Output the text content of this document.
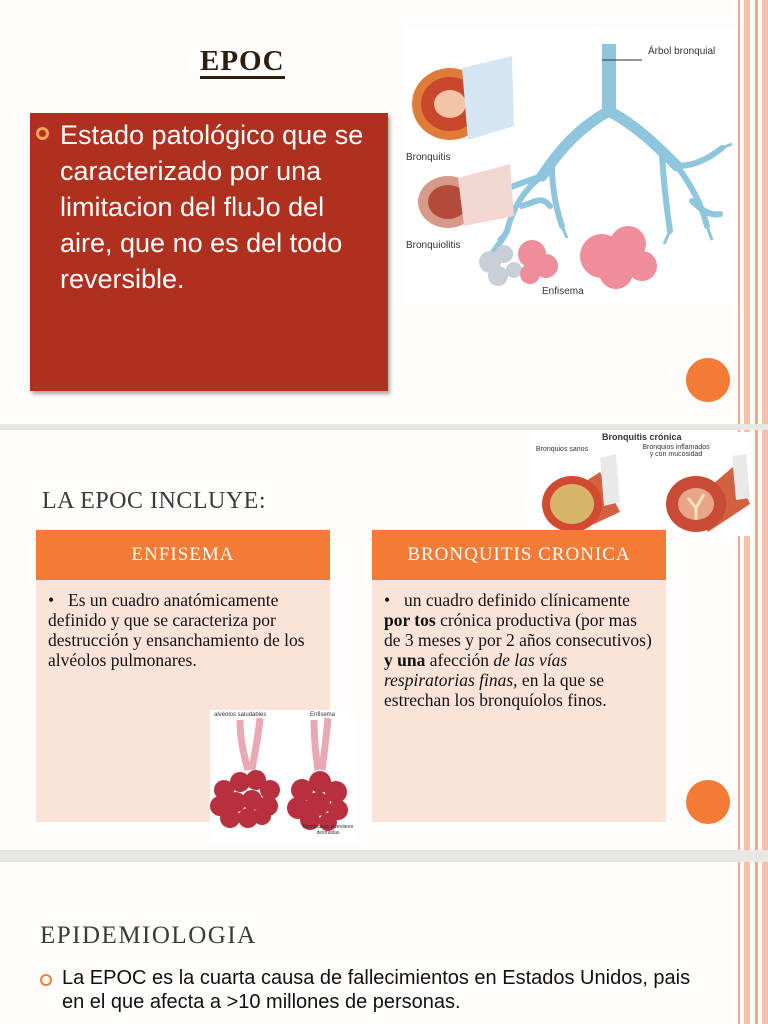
EPOC
Estado patológico que se caracterizado por una limitacion del fluJo del aire, que no es del todo reversible.
Árbol bronquial
Bronquitis
Bronquiolitis
Enfisema
Bronquitis crónica
Bronquios sanos	Bronquios inflamados y con mucosidad
LA EPOC INCLUYE:
ENFISEMA
• Es un cuadro anatómicamente definido y que se caracteriza por destrucción y ensanchamiento de los alvéolos pulmonares.
BRONQUITIS CRONICA
• un cuadro definido clínicamente por tos crónica productiva (por mas de 3 meses y por 2 años consecutivos) y una afección de las vías respiratorias finas, en la que se estrechan los bronquíolos finos.
alvéolos saludables	Enfisema
Membranas alveolares destruidas
EPIDEMIOLOGIA
La EPOC es la cuarta causa de fallecimientos en Estados Unidos, pais en el que afecta a >10 millones de personas.
